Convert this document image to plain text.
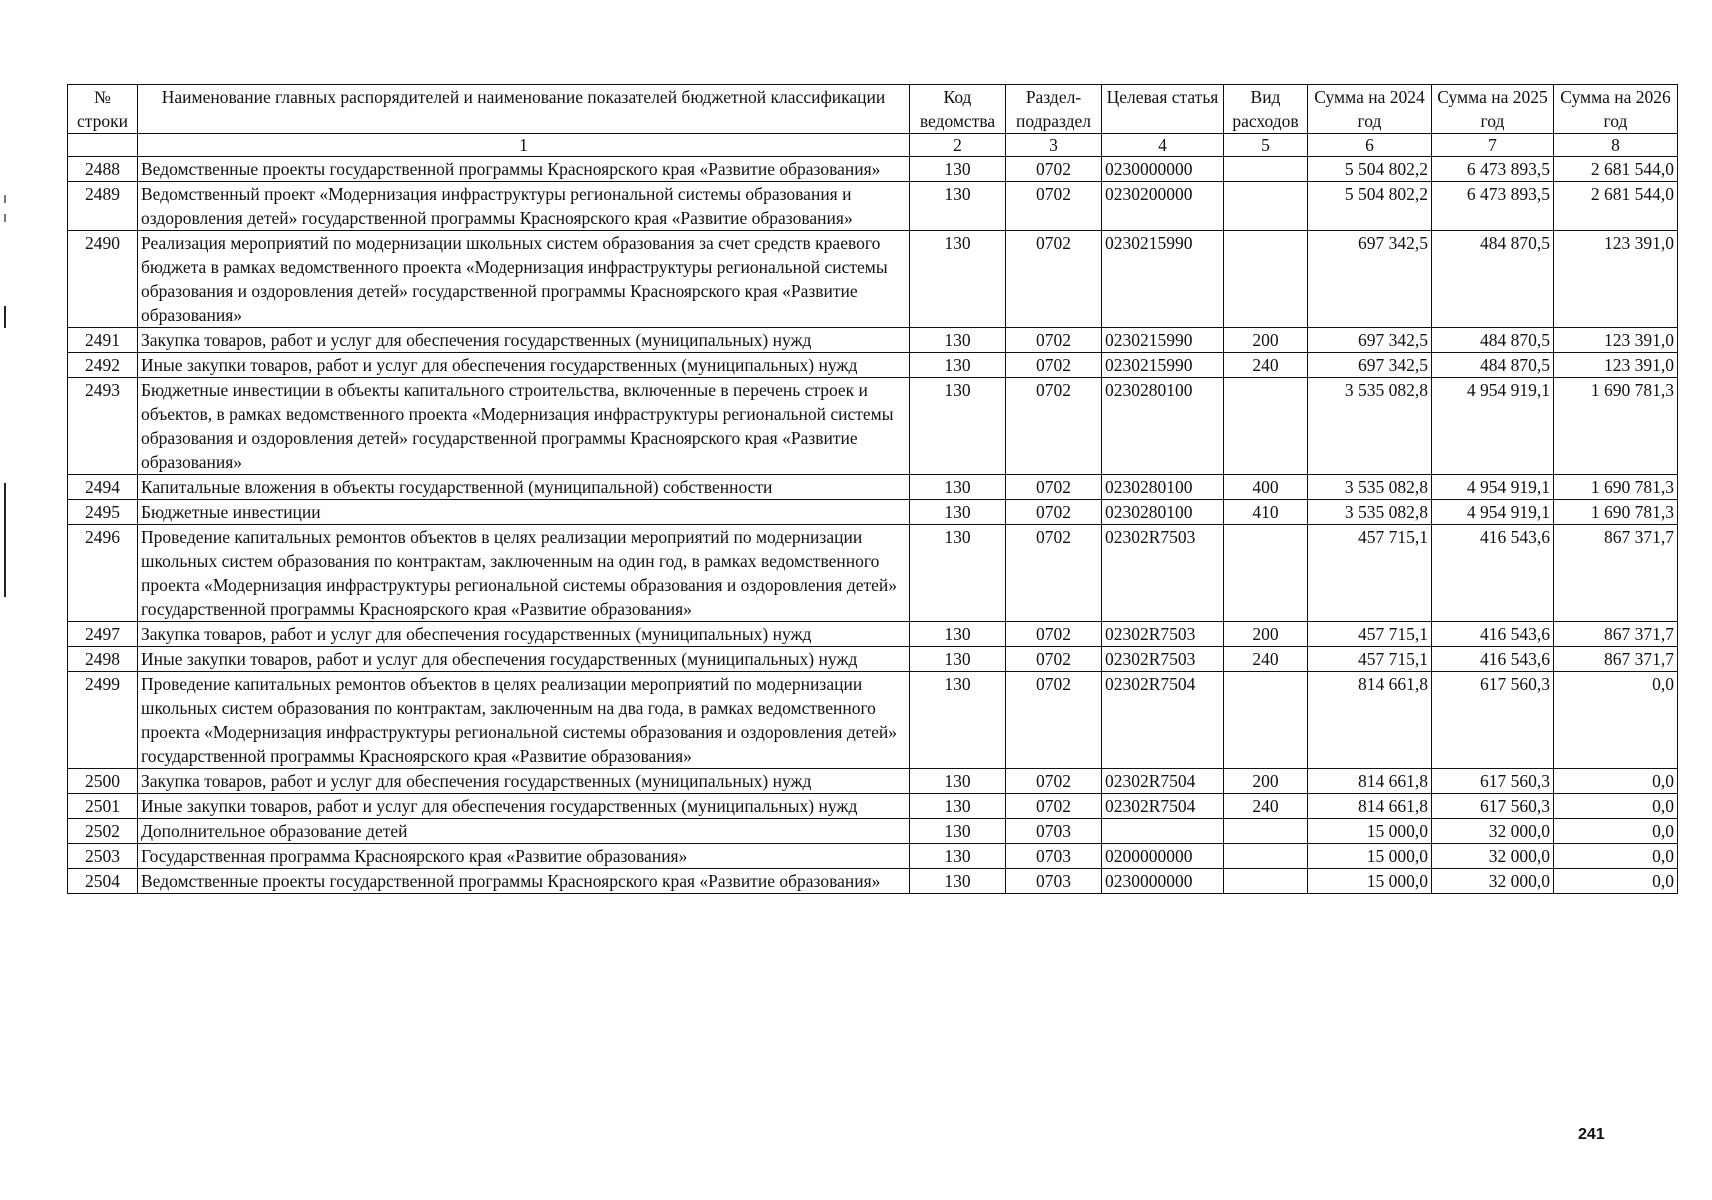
№ строки	Наименование главных распорядителей и наименование показателей бюджетной классификации	Код ведомства	Раздел-подраздел	Целевая статья	Вид расходов	Сумма на 2024 год	Сумма на 2025 год	Сумма на 2026 год
	1	2	3	4	5	6	7	8
2488	Ведомственные проекты государственной программы Красноярского края «Развитие образования»	130	0702	0230000000		5 504 802,2	6 473 893,5	2 681 544,0
2489	Ведомственный проект «Модернизация инфраструктуры региональной системы образования и оздоровления детей» государственной программы Красноярского края «Развитие образования»	130	0702	0230200000		5 504 802,2	6 473 893,5	2 681 544,0
2490	Реализация мероприятий по модернизации школьных систем образования за счет средств краевого бюджета в рамках ведомственного проекта «Модернизация инфраструктуры региональной системы образования и оздоровления детей» государственной программы Красноярского края «Развитие образования»	130	0702	0230215990		697 342,5	484 870,5	123 391,0
2491	Закупка товаров, работ и услуг для обеспечения государственных (муниципальных) нужд	130	0702	0230215990	200	697 342,5	484 870,5	123 391,0
2492	Иные закупки товаров, работ и услуг для обеспечения государственных (муниципальных) нужд	130	0702	0230215990	240	697 342,5	484 870,5	123 391,0
2493	Бюджетные инвестиции в объекты капитального строительства, включенные в перечень строек и объектов, в рамках ведомственного проекта «Модернизация инфраструктуры региональной системы образования и оздоровления детей» государственной программы Красноярского края «Развитие образования»	130	0702	0230280100		3 535 082,8	4 954 919,1	1 690 781,3
2494	Капитальные вложения в объекты государственной (муниципальной) собственности	130	0702	0230280100	400	3 535 082,8	4 954 919,1	1 690 781,3
2495	Бюджетные инвестиции	130	0702	0230280100	410	3 535 082,8	4 954 919,1	1 690 781,3
2496	Проведение капитальных ремонтов объектов в целях реализации мероприятий по модернизации школьных систем образования по контрактам, заключенным на один год, в рамках ведомственного проекта «Модернизация инфраструктуры региональной системы образования и оздоровления детей» государственной программы Красноярского края «Развитие образования»	130	0702	02302R7503		457 715,1	416 543,6	867 371,7
2497	Закупка товаров, работ и услуг для обеспечения государственных (муниципальных) нужд	130	0702	02302R7503	200	457 715,1	416 543,6	867 371,7
2498	Иные закупки товаров, работ и услуг для обеспечения государственных (муниципальных) нужд	130	0702	02302R7503	240	457 715,1	416 543,6	867 371,7
2499	Проведение капитальных ремонтов объектов в целях реализации мероприятий по модернизации школьных систем образования по контрактам, заключенным на два года, в рамках ведомственного проекта «Модернизация инфраструктуры региональной системы образования и оздоровления детей» государственной программы Красноярского края «Развитие образования»	130	0702	02302R7504		814 661,8	617 560,3	0,0
2500	Закупка товаров, работ и услуг для обеспечения государственных (муниципальных) нужд	130	0702	02302R7504	200	814 661,8	617 560,3	0,0
2501	Иные закупки товаров, работ и услуг для обеспечения государственных (муниципальных) нужд	130	0702	02302R7504	240	814 661,8	617 560,3	0,0
2502	Дополнительное образование детей	130	0703			15 000,0	32 000,0	0,0
2503	Государственная программа Красноярского края «Развитие образования»	130	0703	0200000000		15 000,0	32 000,0	0,0
2504	Ведомственные проекты государственной программы Красноярского края «Развитие образования»	130	0703	0230000000		15 000,0	32 000,0	0,0
241
